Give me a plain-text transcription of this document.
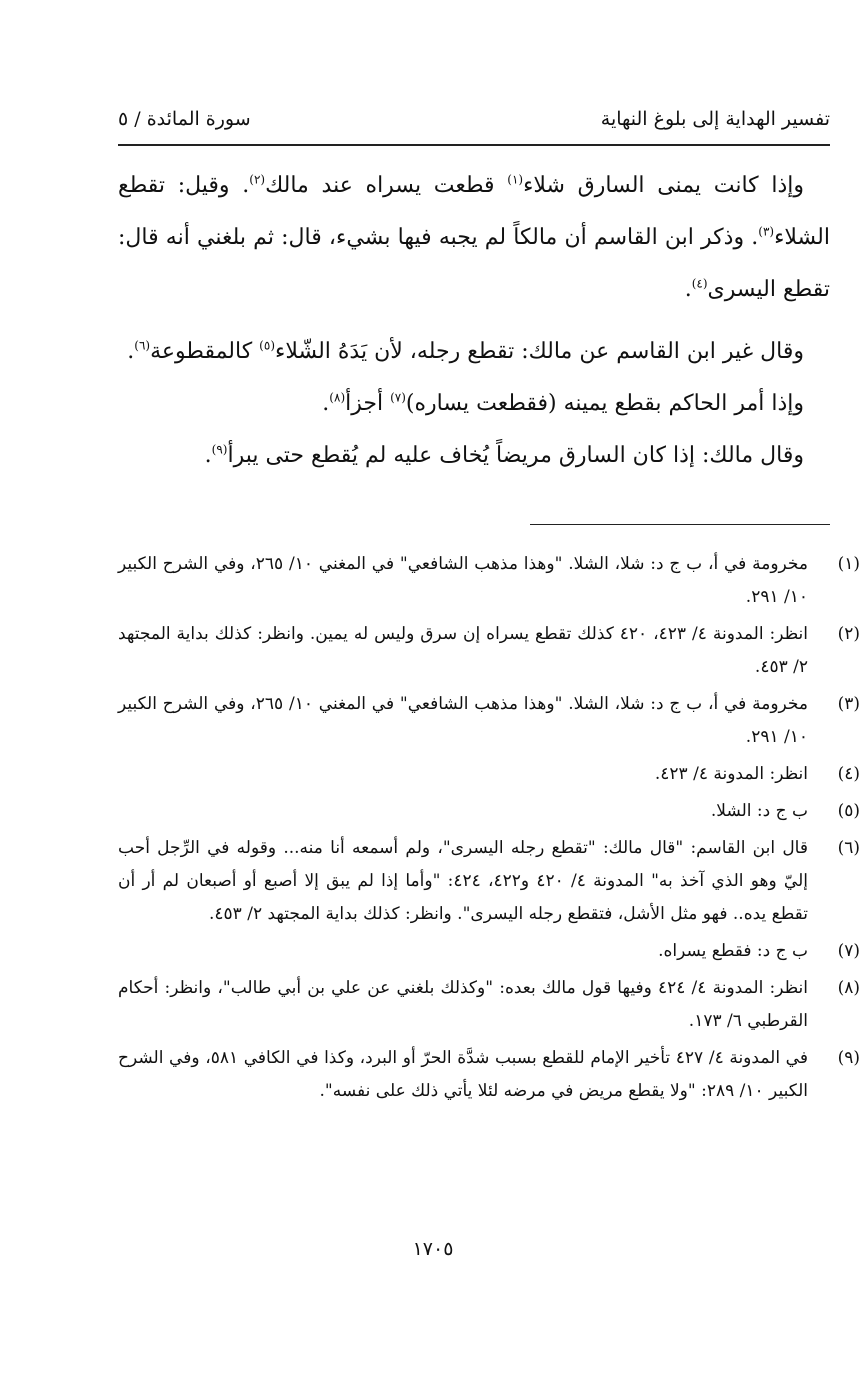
تفسير الهداية إلى بلوغ النهاية
سورة المائدة / ٥

وإذا كانت يمنى السارق شلاء$^{(١)}$ قطعت يسراه عند مالك$^{(٢)}$. وقيل: تقطع الشلاء$^{(٣)}$. وذكر ابن القاسم أن مالكاً لم يجبه فيها بشيء، قال: ثم بلغني أنه قال: تقطع اليسرى$^{(٤)}$.

وقال غير ابن القاسم عن مالك: تقطع رجله، لأن يَدَهُ الشّلاء$^{(٥)}$ كالمقطوعة$^{(٦)}$.

وإذا أمر الحاكم بقطع يمينه (فقطعت يساره)$^{(٧)}$ أجزأ$^{(٨)}$.

وقال مالك: إذا كان السارق مريضاً يُخاف عليه لم يُقطع حتى يبرأ$^{(٩)}$.

(١)
مخرومة في أ، ب ج د: شلا، الشلا. "وهذا مذهب الشافعي" في المغني ١٠/ ٢٦٥، وفي الشرح الكبير ١٠/ ٢٩١.
(٢)
انظر: المدونة ٤/ ٤٢٣، ٤٢٠ كذلك تقطع يسراه إن سرق وليس له يمين. وانظر: كذلك بداية المجتهد ٢/ ٤٥٣.
(٣)
مخرومة في أ، ب ج د: شلا، الشلا. "وهذا مذهب الشافعي" في المغني ١٠/ ٢٦٥، وفي الشرح الكبير ١٠/ ٢٩١.
(٤)
انظر: المدونة ٤/ ٤٢٣.
(٥)
ب ج د: الشلا.
(٦)
قال ابن القاسم: "قال مالك: "تقطع رجله اليسرى"، ولم أسمعه أنا منه... وقوله في الرِّجل أحب إليّ وهو الذي آخذ به" المدونة ٤/ ٤٢٠ و٤٢٢، ٤٢٤: "وأما إذا لم يبق إلا أصبع أو أصبعان لم أر أن تقطع يده.. فهو مثل الأشل، فتقطع رجله اليسرى". وانظر: كذلك بداية المجتهد ٢/ ٤٥٣.
(٧)
ب ج د: فقطع يسراه.
(٨)
انظر: المدونة ٤/ ٤٢٤ وفيها قول مالك بعده: "وكذلك بلغني عن علي بن أبي طالب"، وانظر: أحكام القرطبي ٦/ ١٧٣.
(٩)
في المدونة ٤/ ٤٢٧ تأخير الإمام للقطع بسبب شدَّة الحرّ أو البرد، وكذا في الكافي ٥٨١، وفي الشرح الكبير ١٠/ ٢٨٩: "ولا يقطع مريض في مرضه لئلا يأتي ذلك على نفسه".
١٧٠٥
